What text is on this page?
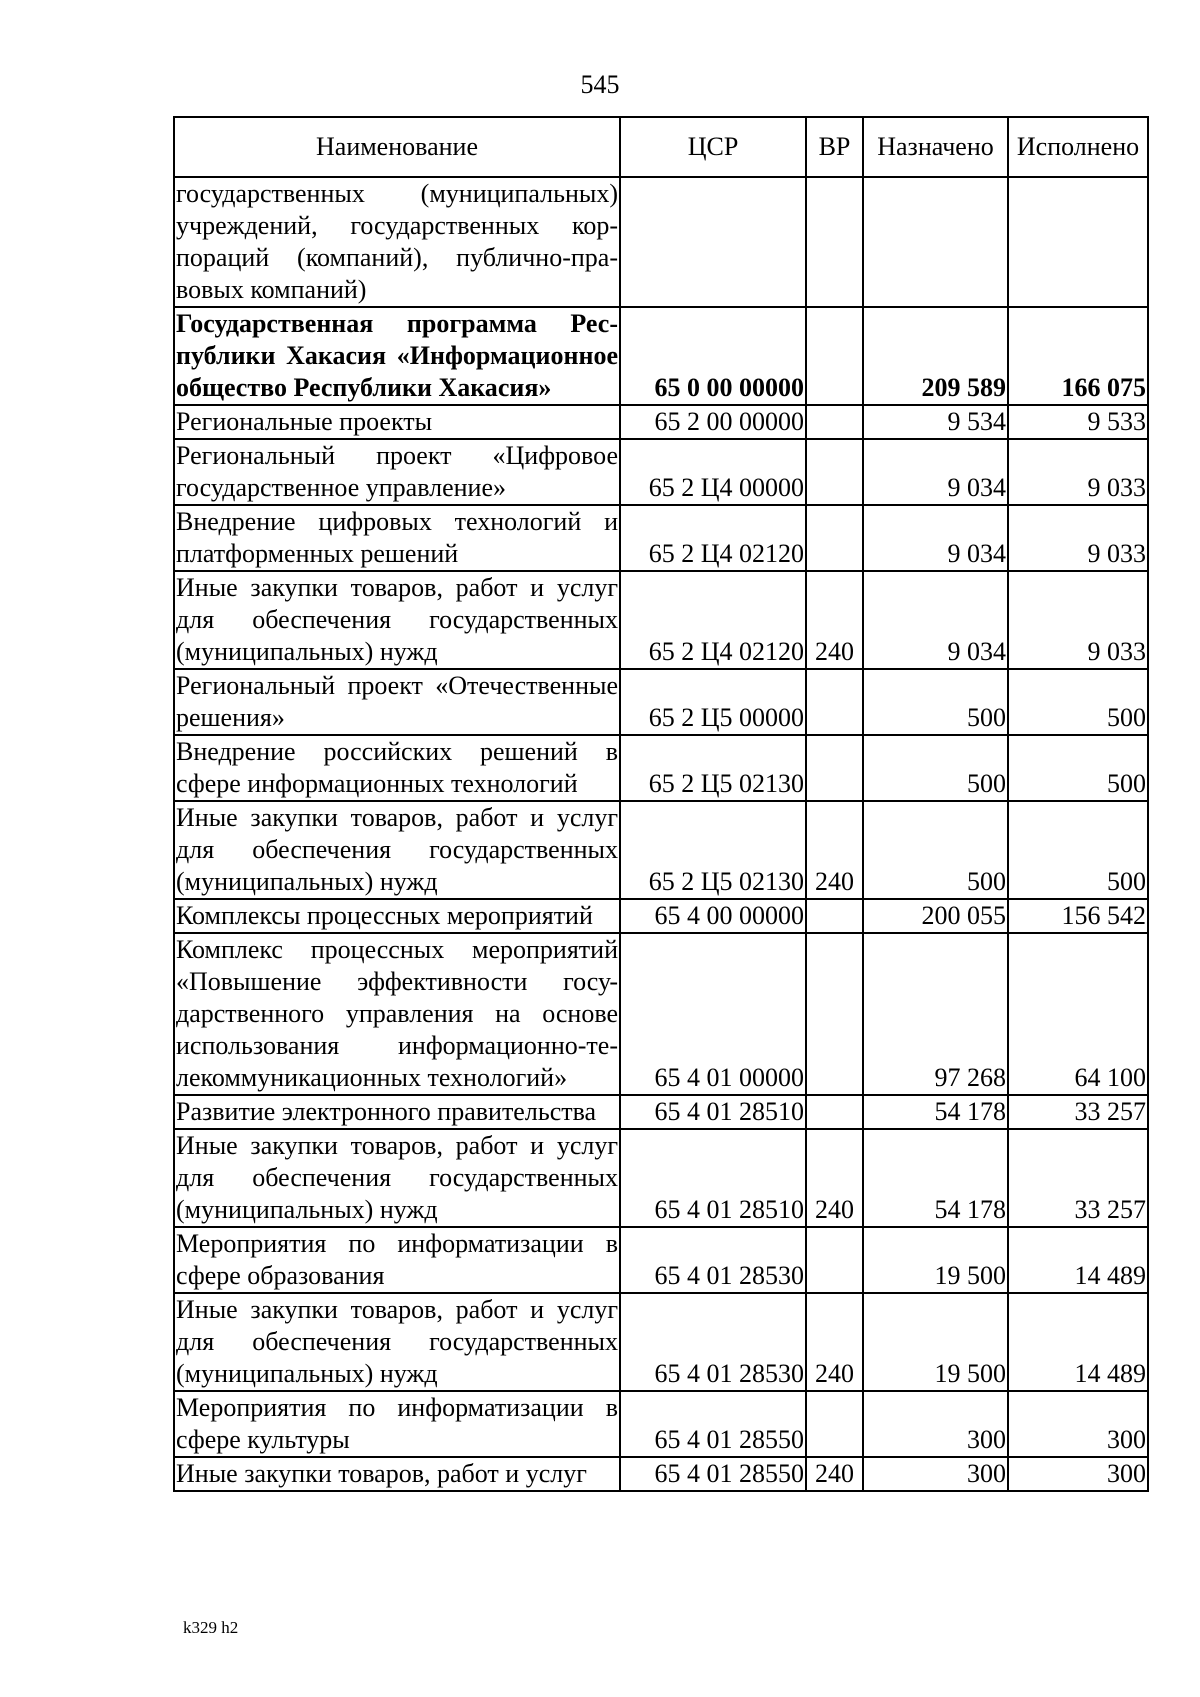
545
Наименование	ЦСР	ВР	Назначено	Исполнено
государственных (муниципальных) учреждений, государственных корпораций (компаний), публично-правовых компаний)				
Государственная программа Республики Хакасия «Информационное общество Республики Хакасия»	65 0 00 00000		209 589	166 075
Региональные проекты	65 2 00 00000		9 534	9 533
Региональный проект «Цифровое государственное управление»	65 2 Ц4 00000		9 034	9 033
Внедрение цифровых технологий и платформенных решений	65 2 Ц4 02120		9 034	9 033
Иные закупки товаров, работ и услуг для обеспечения государственных (муниципальных) нужд	65 2 Ц4 02120	240	9 034	9 033
Региональный проект «Отечественные решения»	65 2 Ц5 00000		500	500
Внедрение российских решений в сфере информационных технологий	65 2 Ц5 02130		500	500
Иные закупки товаров, работ и услуг для обеспечения государственных (муниципальных) нужд	65 2 Ц5 02130	240	500	500
Комплексы процессных мероприятий	65 4 00 00000		200 055	156 542
Комплекс процессных мероприятий «Повышение эффективности государственного управления на основе использования информационно-телекоммуникационных технологий»	65 4 01 00000		97 268	64 100
Развитие электронного правительства	65 4 01 28510		54 178	33 257
Иные закупки товаров, работ и услуг для обеспечения государственных (муниципальных) нужд	65 4 01 28510	240	54 178	33 257
Мероприятия по информатизации в сфере образования	65 4 01 28530		19 500	14 489
Иные закупки товаров, работ и услуг для обеспечения государственных (муниципальных) нужд	65 4 01 28530	240	19 500	14 489
Мероприятия по информатизации в сфере культуры	65 4 01 28550		300	300
Иные закупки товаров, работ и услуг	65 4 01 28550	240	300	300
k329 h2
